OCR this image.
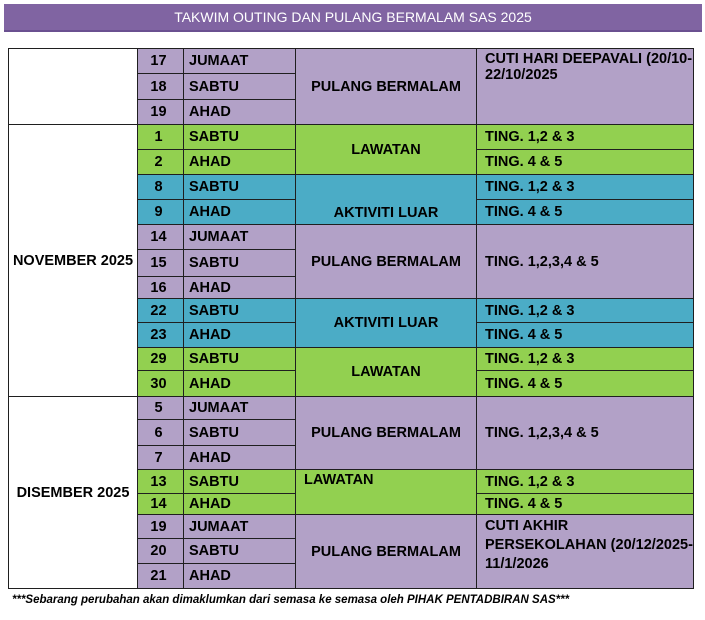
TAKWIM OUTING DAN PULANG BERMALAM SAS 2025
	17	JUMAAT	PULANG BERMALAM	CUTI HARI DEEPAVALI (20/10-22/10/2025
	18	SABTU		
	19	AHAD		
NOVEMBER 2025	1	SABTU	LAWATAN	TING. 1,2 & 3
	2	AHAD		TING. 4 & 5
	8	SABTU	AKTIVITI LUAR	TING. 1,2 & 3
	9	AHAD		TING. 4 & 5
	14	JUMAAT	PULANG BERMALAM	TING. 1,2,3,4 & 5
	15	SABTU		
	16	AHAD		
	22	SABTU	AKTIVITI LUAR	TING. 1,2 & 3
	23	AHAD		TING. 4 & 5
	29	SABTU	LAWATAN	TING. 1,2 & 3
	30	AHAD		TING. 4 & 5
DISEMBER 2025	5	JUMAAT	PULANG BERMALAM	TING. 1,2,3,4 & 5
	6	SABTU		
	7	AHAD		
	13	SABTU	LAWATAN	TING. 1,2 & 3
	14	AHAD		TING. 4 & 5
	19	JUMAAT	PULANG BERMALAM	CUTI AKHIR PERSEKOLAHAN (20/12/2025-11/1/2026
	20	SABTU		
	21	AHAD		
***Sebarang perubahan akan dimaklumkan dari semasa ke semasa oleh PIHAK PENTADBIRAN SAS***
